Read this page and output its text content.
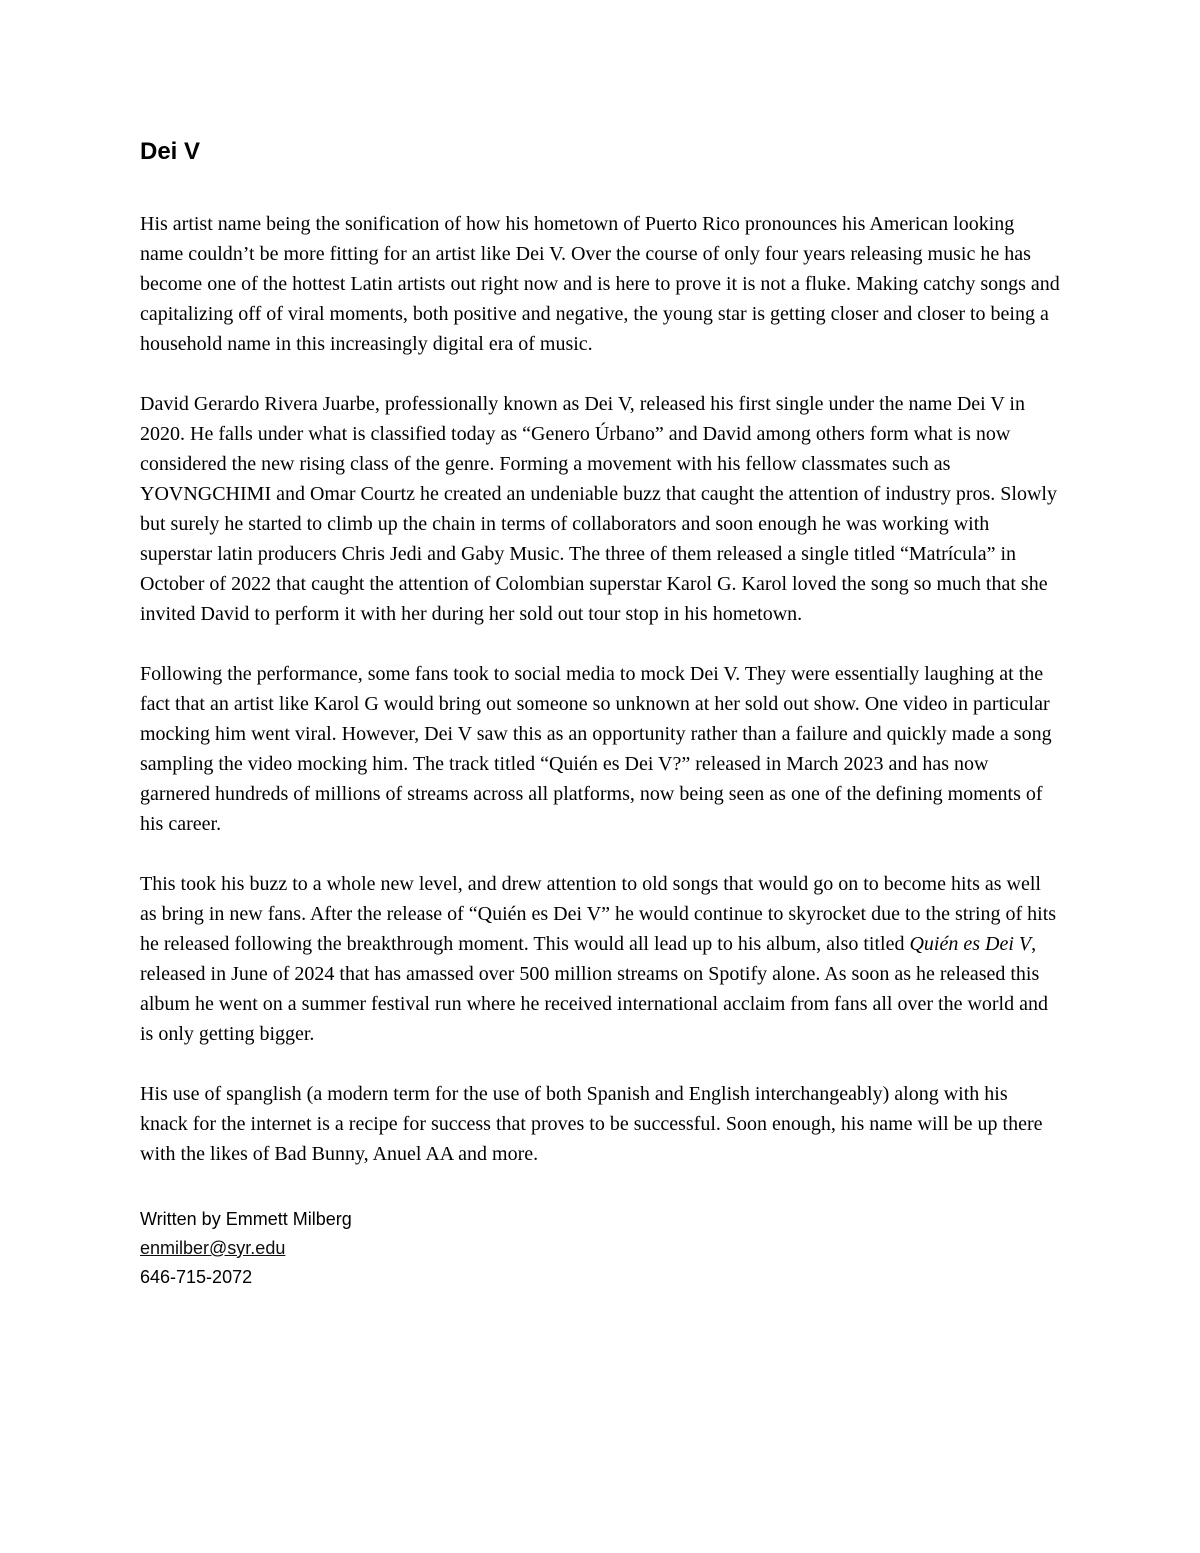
Dei V

His artist name being the sonification of how his hometown of Puerto Rico pronounces his American looking name couldn’t be more fitting for an artist like Dei V. Over the course of only four years releasing music he has become one of the hottest Latin artists out right now and is here to prove it is not a fluke. Making catchy songs and capitalizing off of viral moments, both positive and negative, the young star is getting closer and closer to being a household name in this increasingly digital era of music.

David Gerardo Rivera Juarbe, professionally known as Dei V, released his first single under the name Dei V in 2020. He falls under what is classified today as “Genero Úrbano” and David among others form what is now considered the new rising class of the genre. Forming a movement with his fellow classmates such as YOVNGCHIMI and Omar Courtz he created an undeniable buzz that caught the attention of industry pros. Slowly but surely he started to climb up the chain in terms of collaborators and soon enough he was working with superstar latin producers Chris Jedi and Gaby Music. The three of them released a single titled “Matrícula” in October of 2022 that caught the attention of Colombian superstar Karol G. Karol loved the song so much that she invited David to perform it with her during her sold out tour stop in his hometown.

Following the performance, some fans took to social media to mock Dei V. They were essentially laughing at the fact that an artist like Karol G would bring out someone so unknown at her sold out show. One video in particular mocking him went viral. However, Dei V saw this as an opportunity rather than a failure and quickly made a song sampling the video mocking him. The track titled “Quién es Dei V?” released in March 2023 and has now garnered hundreds of millions of streams across all platforms, now being seen as one of the defining moments of his career.

This took his buzz to a whole new level, and drew attention to old songs that would go on to become hits as well as bring in new fans. After the release of “Quién es Dei V” he would continue to skyrocket due to the string of hits he released following the breakthrough moment. This would all lead up to his album, also titled Quién es Dei V, released in June of 2024 that has amassed over 500 million streams on Spotify alone. As soon as he released this album he went on a summer festival run where he received international acclaim from fans all over the world and is only getting bigger.

His use of spanglish (a modern term for the use of both Spanish and English interchangeably) along with his knack for the internet is a recipe for success that proves to be successful. Soon enough, his name will be up there with the likes of Bad Bunny, Anuel AA and more.

Written by Emmett Milberg

enmilber@syr.edu

646-715-2072
